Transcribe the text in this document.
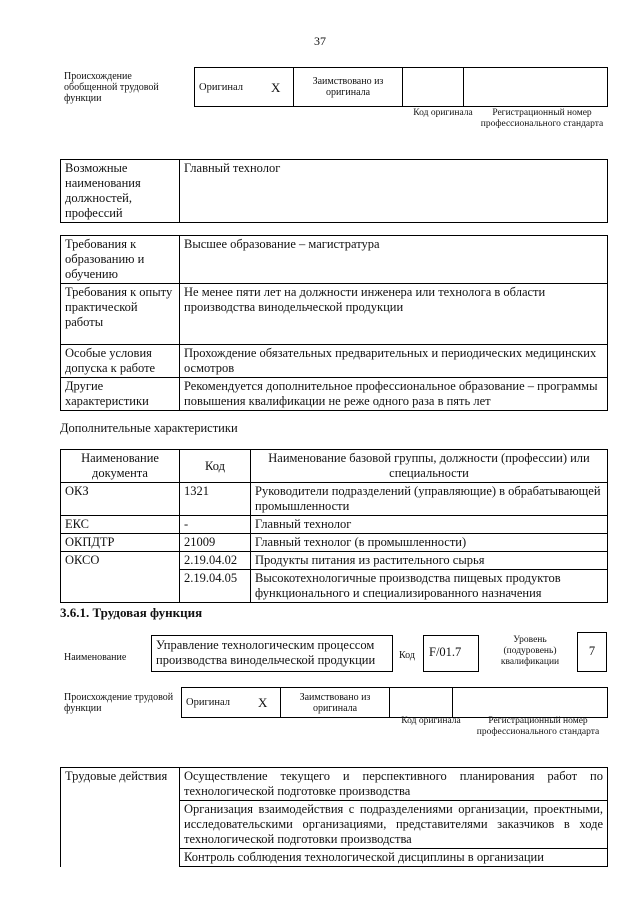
37
Происхождение обобщенной трудовой функции
Оригинал	X	Заимствовано из оригинала		
Код оригинала	Регистрационный номер профессионального стандарта
Возможные наименования должностей, профессий	Главный технолог
Требования к образованию и обучению	Высшее образование – магистратура
Требования к опыту практической работы	Не менее пяти лет на должности инженера или технолога в области производства винодельческой продукции
Особые условия допуска к работе	Прохождение обязательных предварительных и периодических медицинских осмотров
Другие характеристики	Рекомендуется дополнительное профессиональное образование – программы повышения квалификации не реже одного раза в пять лет
Дополнительные характеристики
Наименование документа	Код	Наименование базовой группы, должности (профессии) или специальности
ОКЗ	1321	Руководители подразделений (управляющие) в обрабатывающей промышленности
ЕКС	-	Главный технолог
ОКПДТР	21009	Главный технолог (в промышленности)
ОКСО	2.19.04.02	Продукты питания из растительного сырья
	2.19.04.05	Высокотехнологичные производства пищевых продуктов функционального и специализированного назначения
3.6.1. Трудовая функция
Наименование
Управление технологическим процессом производства винодельческой продукции	Код	F/01.7
Уровень (подуровень) квалификации
7
Происхождение трудовой функции
Оригинал	X	Заимствовано из оригинала		
Код оригинала	Регистрационный номер профессионального стандарта
Трудовые действия	Осуществление текущего и перспективного планирования работ по технологической подготовке производства
Организация взаимодействия с подразделениями организации, проектными, исследовательскими организациями, представителями заказчиков в ходе технологической подготовки производства
Контроль соблюдения технологической дисциплины в организации
